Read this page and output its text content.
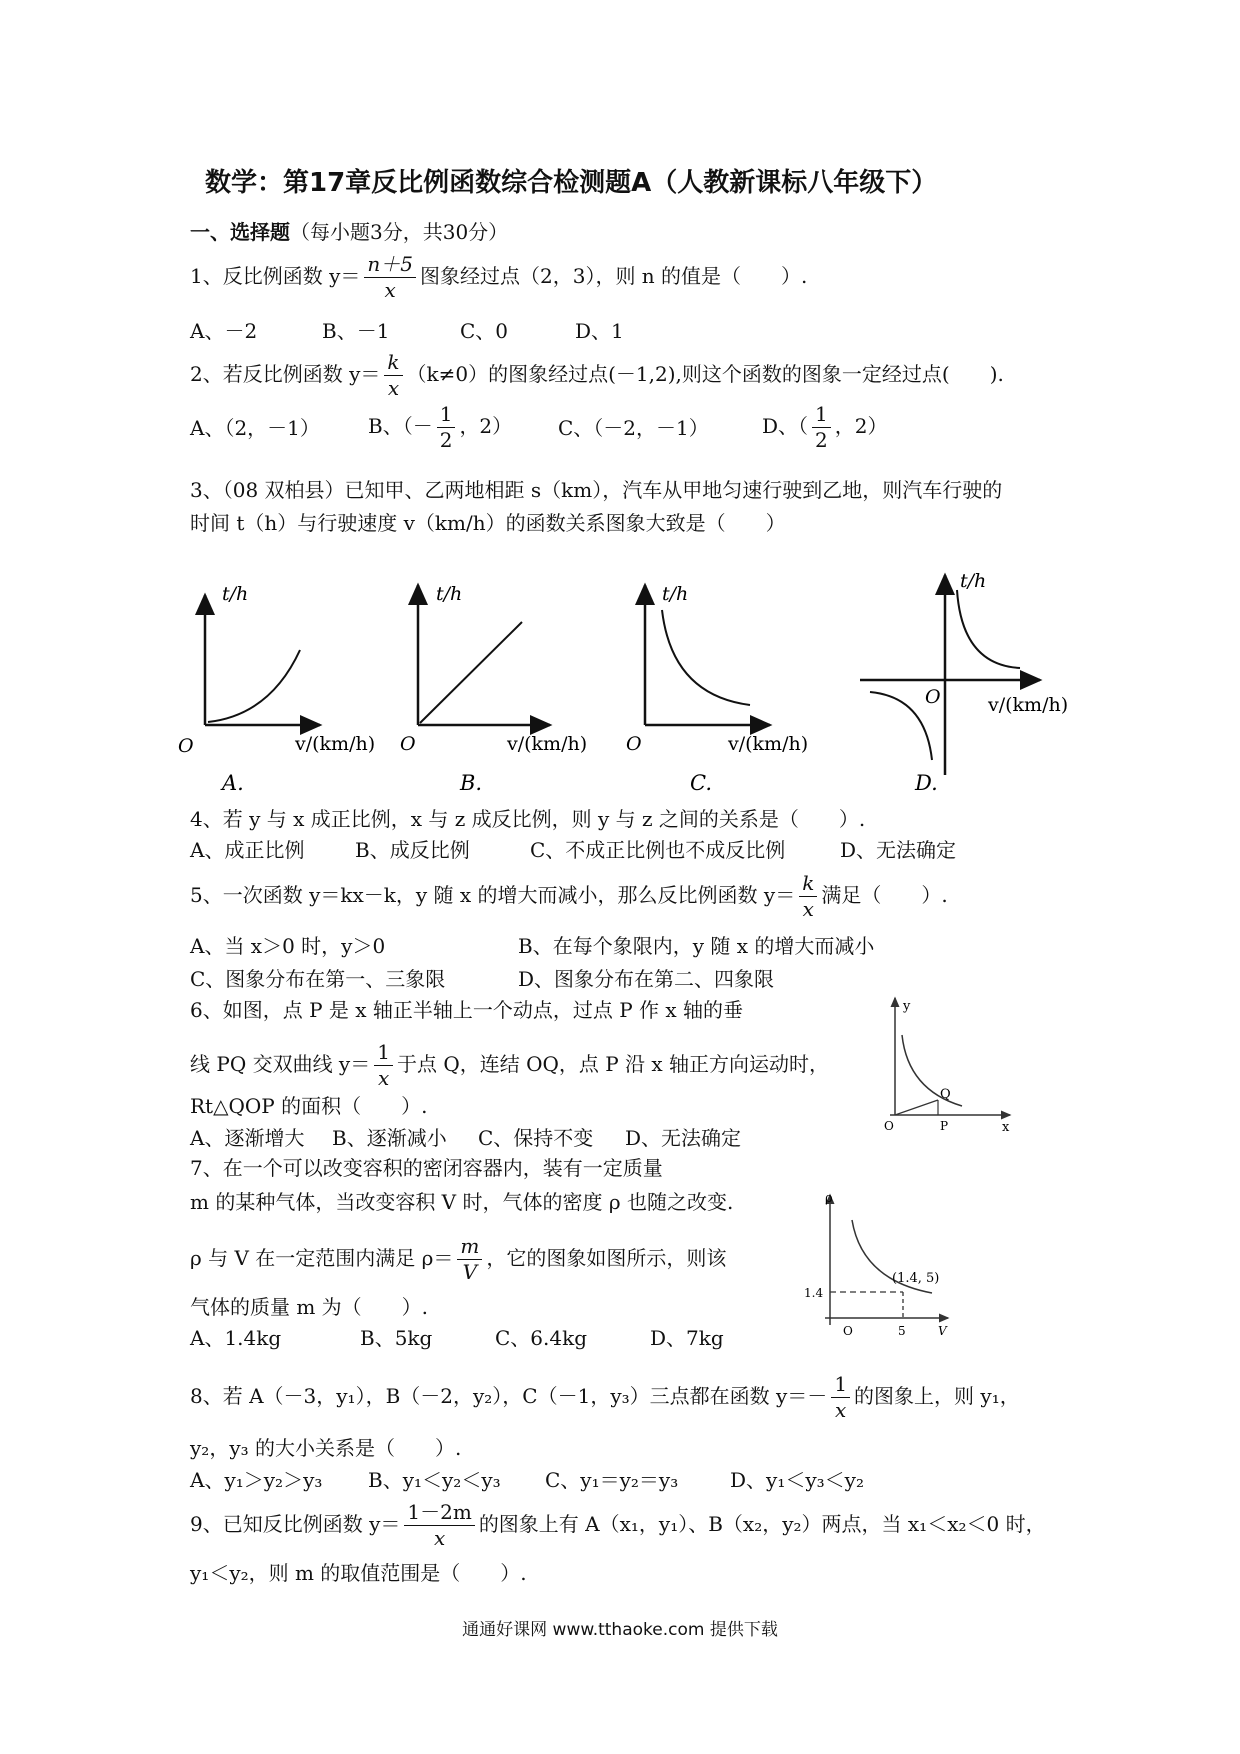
数学：第17章反比例函数综合检测题A（人教新课标八年级下）
一、选择题（每小题3分，共30分）
1、反比例函数 $y= \frac{n+5}{x}$ 图象经过点（2，3），则 n 的值是（　　）.
A、－2	B、－1	C、0	D、1
2、若反比例函数 $y= \frac{k}{x} (k\ne 0)$的图象经过点(－1,2),则这个函数的图象一定经过点(　　).
A、（2，－1） B、（－ $\frac{1}{2}$ ，2） C、（－2，－1）	D、（ $\frac{1}{2}$ ，2）
3、（08 双柏县）已知甲、乙两地相距 s（km），汽车从甲地匀速行驶到乙地，则汽车行驶的
时间 t（h）与行驶速度 v（km/h）的函数关系图象大致是（　　）
t/h
O	v/(km/h)
A.
t/h
O	v/(km/h)
B.
t/h
O	v/(km/h)
C.
t/h
O v/(km/h)
D.
4、若 y 与 x 成正比例，x 与 z 成反比例，则 y 与 z 之间的关系是（　　）.
A、成正比例	B、成反比例	C、不成正比例也不成反比例	D、无法确定
5、一次函数 y＝kx－k，y 随 x 的增大而减小，那么反比例函数 $y= \frac{k}{x}$ 满足（　　）.
A、当 x＞0 时，y＞0	B、在每个象限内，y 随 x 的增大而减小
C、图象分布在第一、三象限	D、图象分布在第二、四象限
6、如图，点 P 是 x 轴正半轴上一个动点，过点 P 作 x 轴的垂
线 PQ 交双曲线 $y= \frac{1}{x}$ 于点 Q，连结 OQ，点 P 沿 x 轴正方向运动时，
Rt△QOP 的面积（　　）.
A、逐渐增大 B、逐渐减小 C、保持不变 D、无法确定
y
x
O
Q
P
7、在一个可以改变容积的密闭容器内，装有一定质量
m 的某种气体，当改变容积 V 时，气体的密度 ρ 也随之改变.
ρ 与 V 在一定范围内满足 $\rho= \frac{m}{V}$ ，它的图象如图所示，则该
气体的质量 m 为（　　）.
A、1.4kg	B、5kg	C、6.4kg	D、7kg
ρ
V
O
(1.4, 5)
1.4
5
8、若 A（－3，y₁），B（－2，y₂），C（－1，y₃）三点都在函数 $y=- \frac{1}{x}$ 的图象上，则 y₁，
y₂，y₃ 的大小关系是（　　）.
A、y₁＞y₂＞y₃ B、y₁＜y₂＜y₃ C、y₁＝y₂＝y₃	D、y₁＜y₃＜y₂
9、已知反比例函数 $y= \frac{1-2m}{x}$ 的图象上有 A（x₁，y₁）、B（x₂，y₂）两点，当 x₁＜x₂＜0 时，
y₁＜y₂，则 m 的取值范围是（　　）.
通通好课网 www.tthaoke.com 提供下载
